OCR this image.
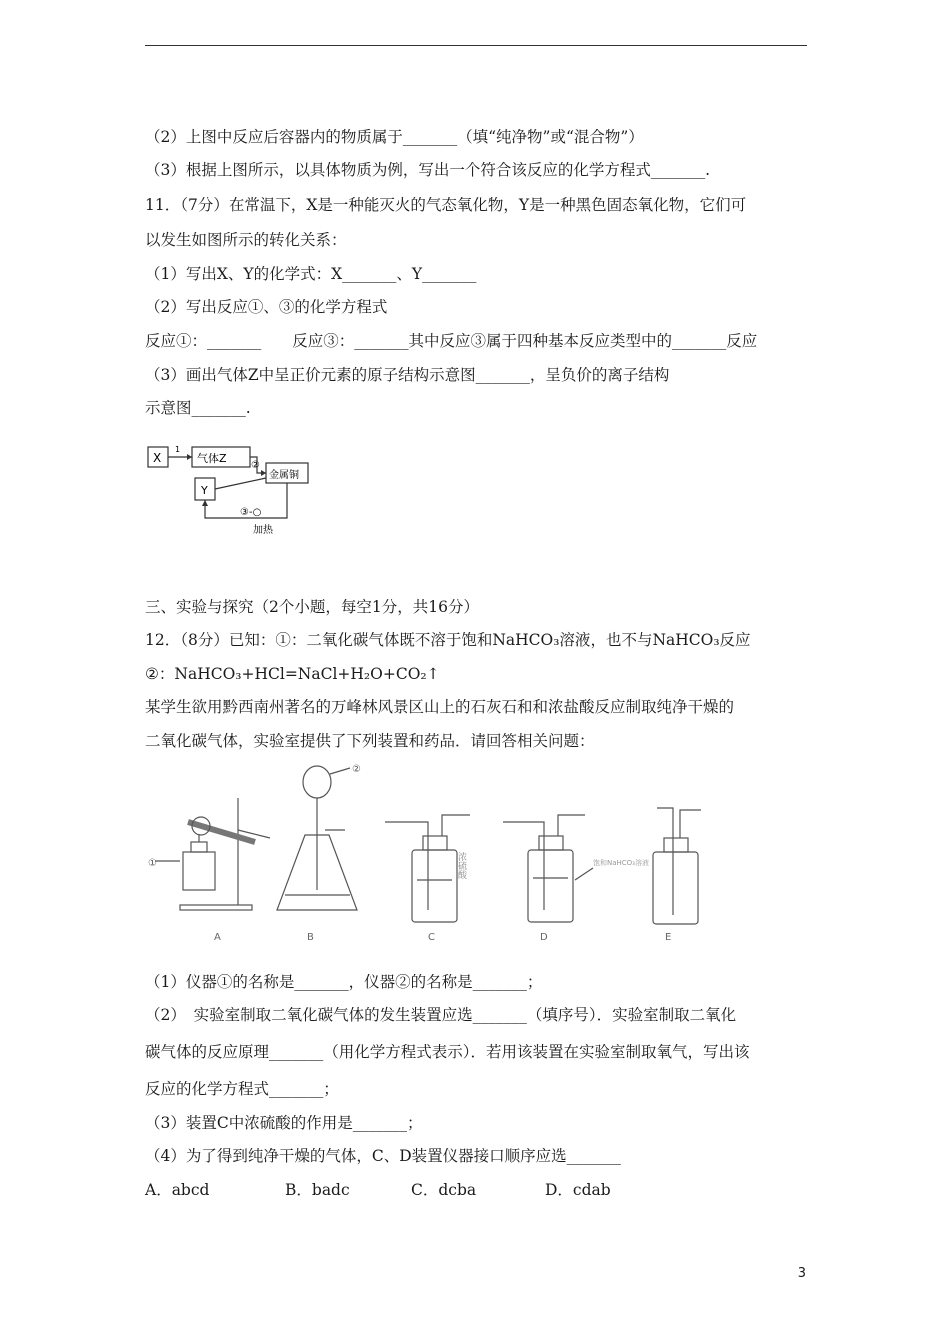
（2）上图中反应后容器内的物质属于_______（填“纯净物”或“混合物”）
（3）根据上图所示，以具体物质为例，写出一个符合该反应的化学方程式_______.
11．（7分）在常温下，X是一种能灭火的气态氧化物，Y是一种黑色固态氧化物，它们可
以发生如图所示的转化关系：
（1）写出X、Y的化学式：X_______、Y_______
（2）写出反应①、③的化学方程式
反应①：_______　　反应③：_______其中反应③属于四种基本反应类型中的_______反应
（3）画出气体Z中呈正价元素的原子结构示意图_______，呈负价的离子结构
示意图_______.
X	气体Z
金属铜
Y
1
②
③-○
加热
三、实验与探究（2个小题，每空1分，共16分）
12．（8分）已知：①：二氧化碳气体既不溶于饱和NaHCO₃溶液，也不与NaHCO₃反应
②：NaHCO₃+HCl=NaCl+H₂O+CO₂↑
某学生欲用黔西南州著名的万峰林风景区山上的石灰石和和浓盐酸反应制取纯净干燥的
二氧化碳气体，实验室提供了下列装置和药品．请回答相关问题：
①
②
浓硫酸	饱和NaHCO₃溶液
A	B	C	D	E
（1）仪器①的名称是_______，仪器②的名称是_______；
（2）　实验室制取二氧化碳气体的发生装置应选_______（填序号）．实验室制取二氧化
碳气体的反应原理_______（用化学方程式表示）．若用该装置在实验室制取氧气，写出该
反应的化学方程式_______；
（3）装置C中浓硫酸的作用是_______；
（4）为了得到纯净干燥的气体，C、D装置仪器接口顺序应选_______
A．abcd	B．badc	C．dcba	D．cdab
3
